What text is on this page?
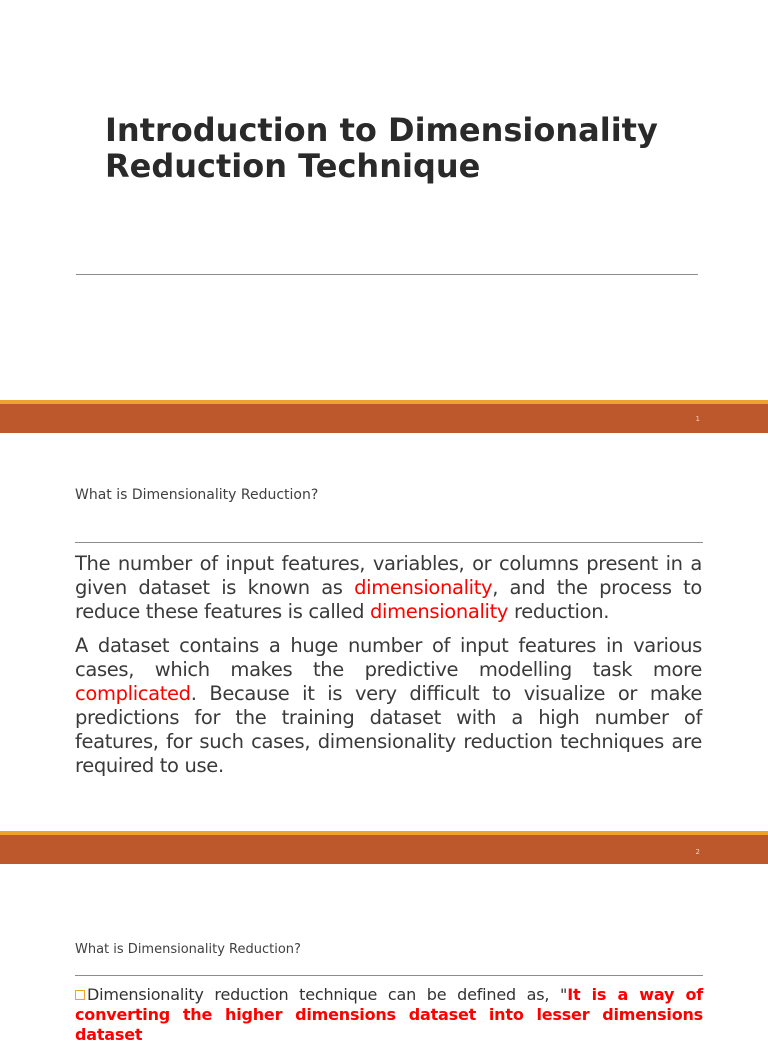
Introduction to Dimensionality Reduction Technique
1
What is Dimensionality Reduction?

The number of input features, variables, or columns present in a given dataset is known as dimensionality, and the process to reduce these features is called dimensionality reduction.

A dataset contains a huge number of input features in various cases, which makes the predictive modelling task more complicated. Because it is very difficult to visualize or make predictions for the training dataset with a high number of features, for such cases, dimensionality reduction techniques are required to use.

2
What is Dimensionality Reduction?
Dimensionality reduction technique can be defined as, "It is a way of converting the higher dimensions dataset into lesser dimensions dataset
